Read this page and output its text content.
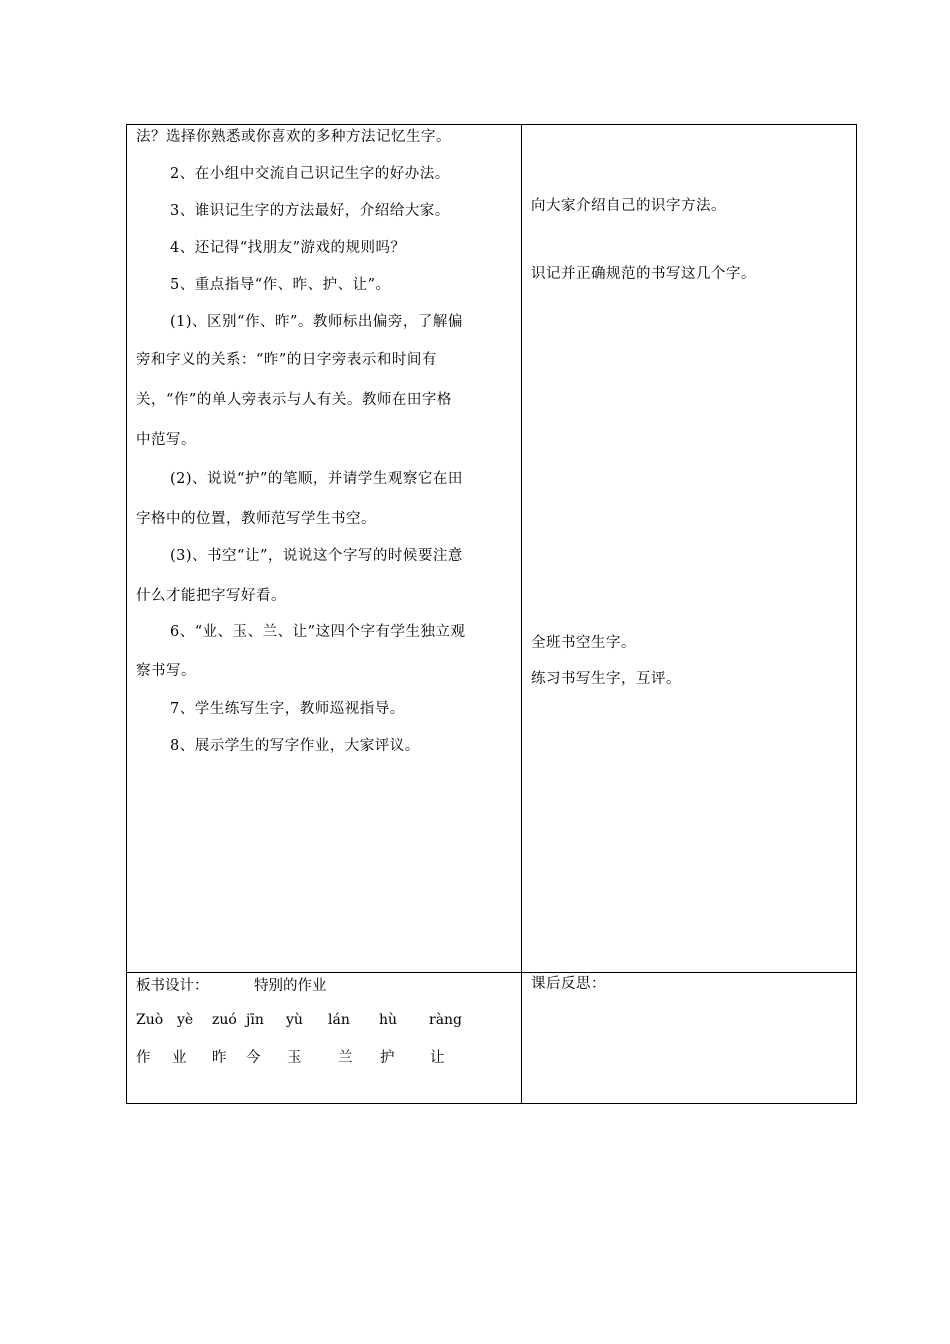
法？选择你熟悉或你喜欢的多种方法记忆生字。
2、在小组中交流自己识记生字的好办法。
3、谁识记生字的方法最好，介绍给大家。
4、还记得“找朋友”游戏的规则吗？
5、重点指导“作、昨、护、让”。
(1)、区别“作、昨”。教师标出偏旁，了解偏
旁和字义的关系：“昨”的日字旁表示和时间有
关，“作”的单人旁表示与人有关。教师在田字格
中范写。
(2)、说说“护”的笔顺，并请学生观察它在田
字格中的位置，教师范写学生书空。
(3)、书空“让”，说说这个字写的时候要注意
什么才能把字写好看。
6、“业、玉、兰、让”这四个字有学生独立观
察书写。
7、学生练写生字，教师巡视指导。
8、展示学生的写字作业，大家评议。
向大家介绍自己的识字方法。
识记并正确规范的书写这几个字。
全班书空生字。
练习书写生字，互评。
板书设计：	特别的作业
Zuò yè zuó jīn yù lán hù ràng
作 业 昨 今 玉	兰 护 让
课后反思：
